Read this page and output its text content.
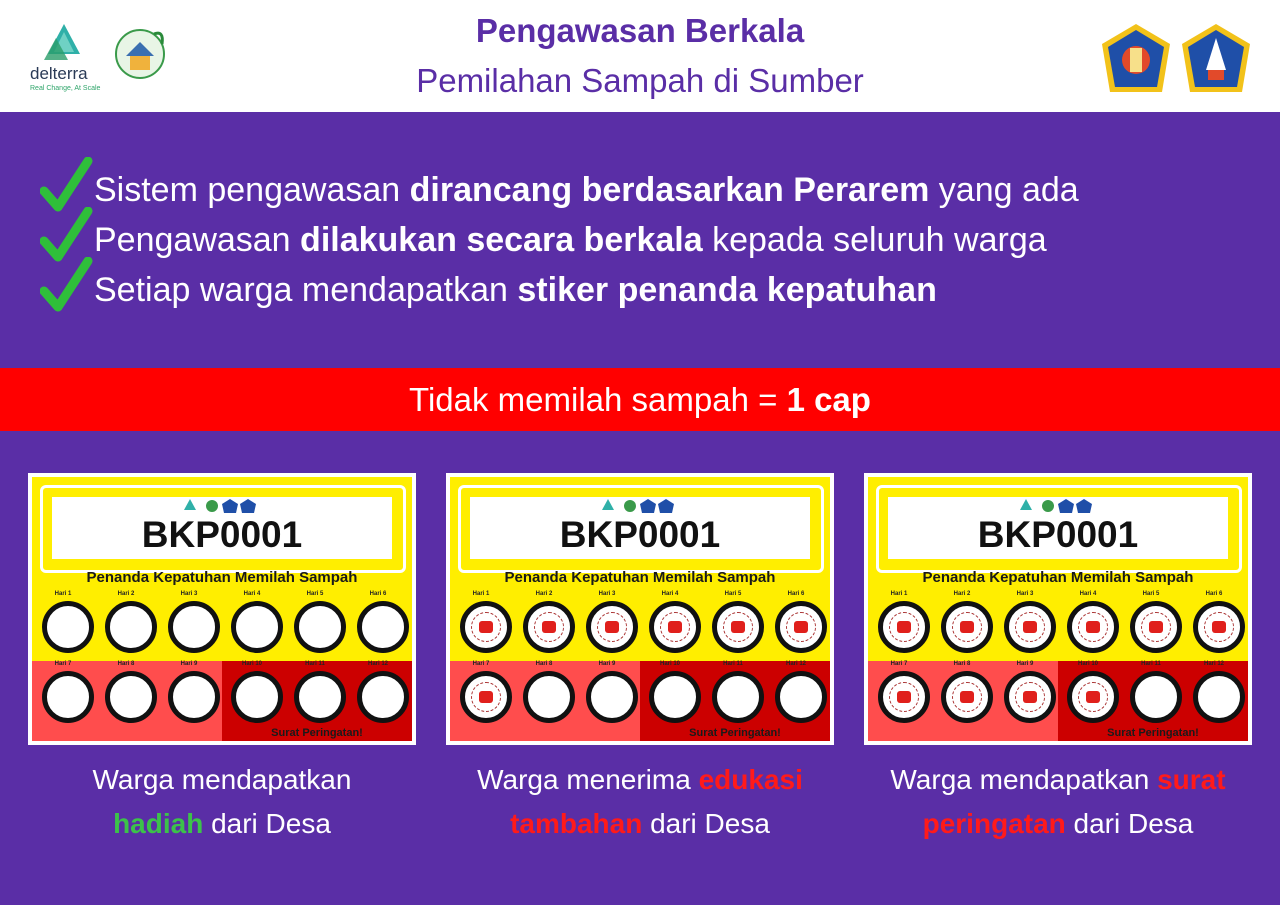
delterra
Real Change, At Scale
Pengawasan Berkala
Pemilahan Sampah di Sumber
Sistem pengawasan dirancang berdasarkan Perarem yang ada
Pengawasan dilakukan secara berkala kepada seluruh warga
Setiap warga mendapatkan stiker penanda kepatuhan
Tidak memilah sampah = 1 cap
BKP0001
Penanda Kepatuhan Memilah Sampah
Hari 1	Hari 2	Hari 3	Hari 4	Hari 5	Hari 6
Hari 7	Hari 8	Hari 9	Hari 10	Hari 11	Hari 12
Surat Peringatan!
BKP0001
Penanda Kepatuhan Memilah Sampah
Hari 1	Hari 2	Hari 3	Hari 4	Hari 5	Hari 6
Hari 7	Hari 8	Hari 9	Hari 10	Hari 11	Hari 12
Surat Peringatan!
BKP0001
Penanda Kepatuhan Memilah Sampah
Hari 1	Hari 2	Hari 3	Hari 4	Hari 5	Hari 6
Hari 7	Hari 8	Hari 9	Hari 10	Hari 11	Hari 12
Surat Peringatan!
Warga mendapatkan
hadiah dari Desa
Warga menerima edukasi
tambahan dari Desa
Warga mendapatkan surat
peringatan dari Desa
